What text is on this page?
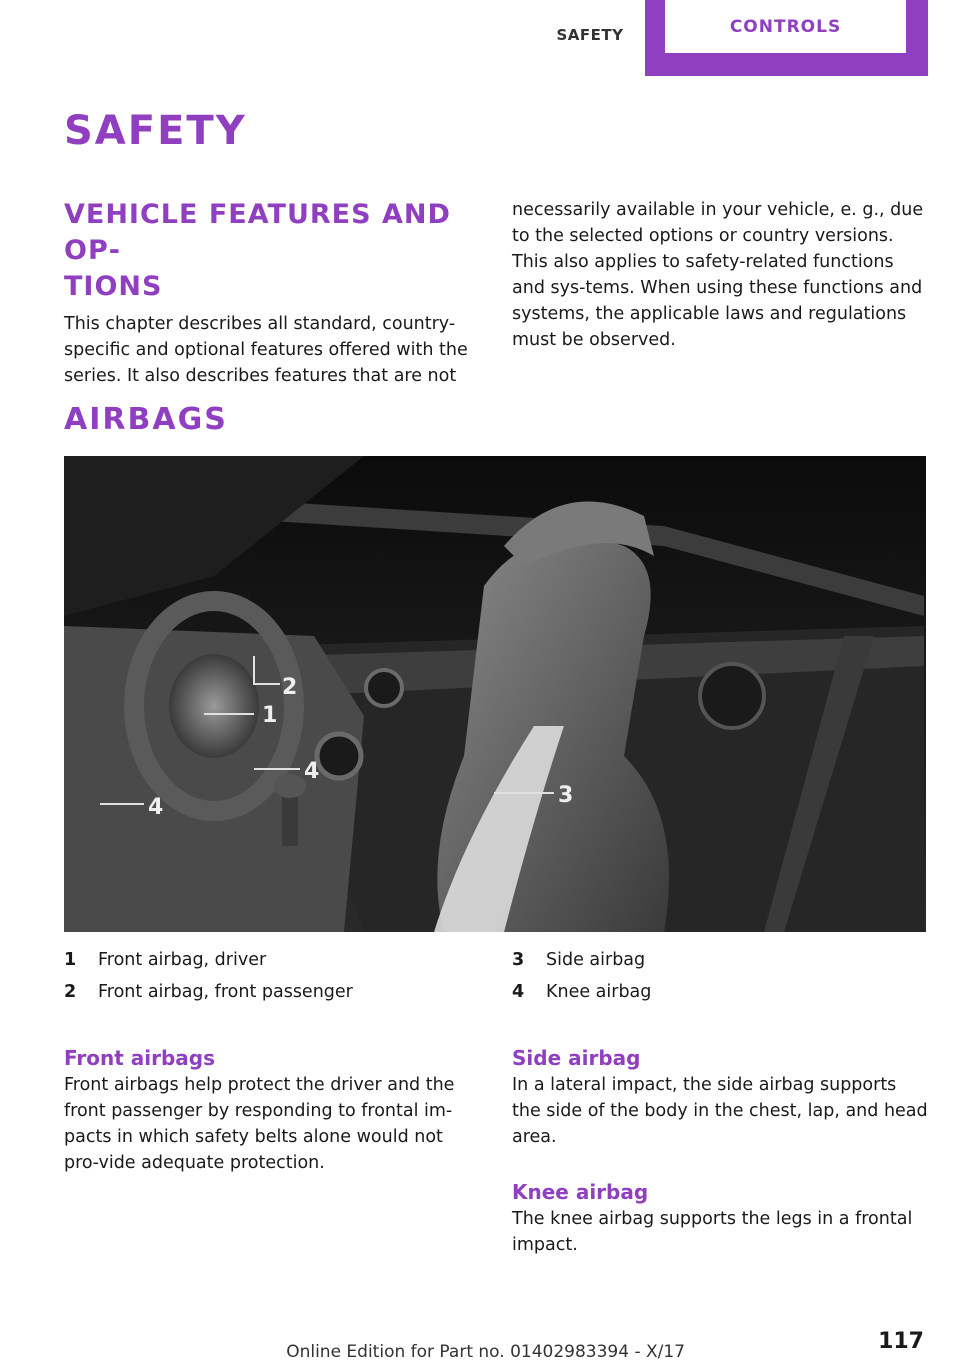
SAFETY	CONTROLS
SAFETY
VEHICLE FEATURES AND OP‐
TIONS

This chapter describes all standard, country-specific and optional features offered with the series. It also describes features that are not

necessarily available in your vehicle, e. g., due to the selected options or country versions. This also applies to safety-related functions and sys‐tems. When using these functions and systems, the applicable laws and regulations must be observed.

AIRBAGS
1
2
3
4
4
1	Front airbag, driver
2	Front airbag, front passenger
3	Side airbag
4	Knee airbag
Front airbags

Front airbags help protect the driver and the front passenger by responding to frontal im‐pacts in which safety belts alone would not pro‐vide adequate protection.

Side airbag

In a lateral impact, the side airbag supports the side of the body in the chest, lap, and head area.

Knee airbag

The knee airbag supports the legs in a frontal impact.

Online Edition for Part no. 01402983394 - X/17	117
